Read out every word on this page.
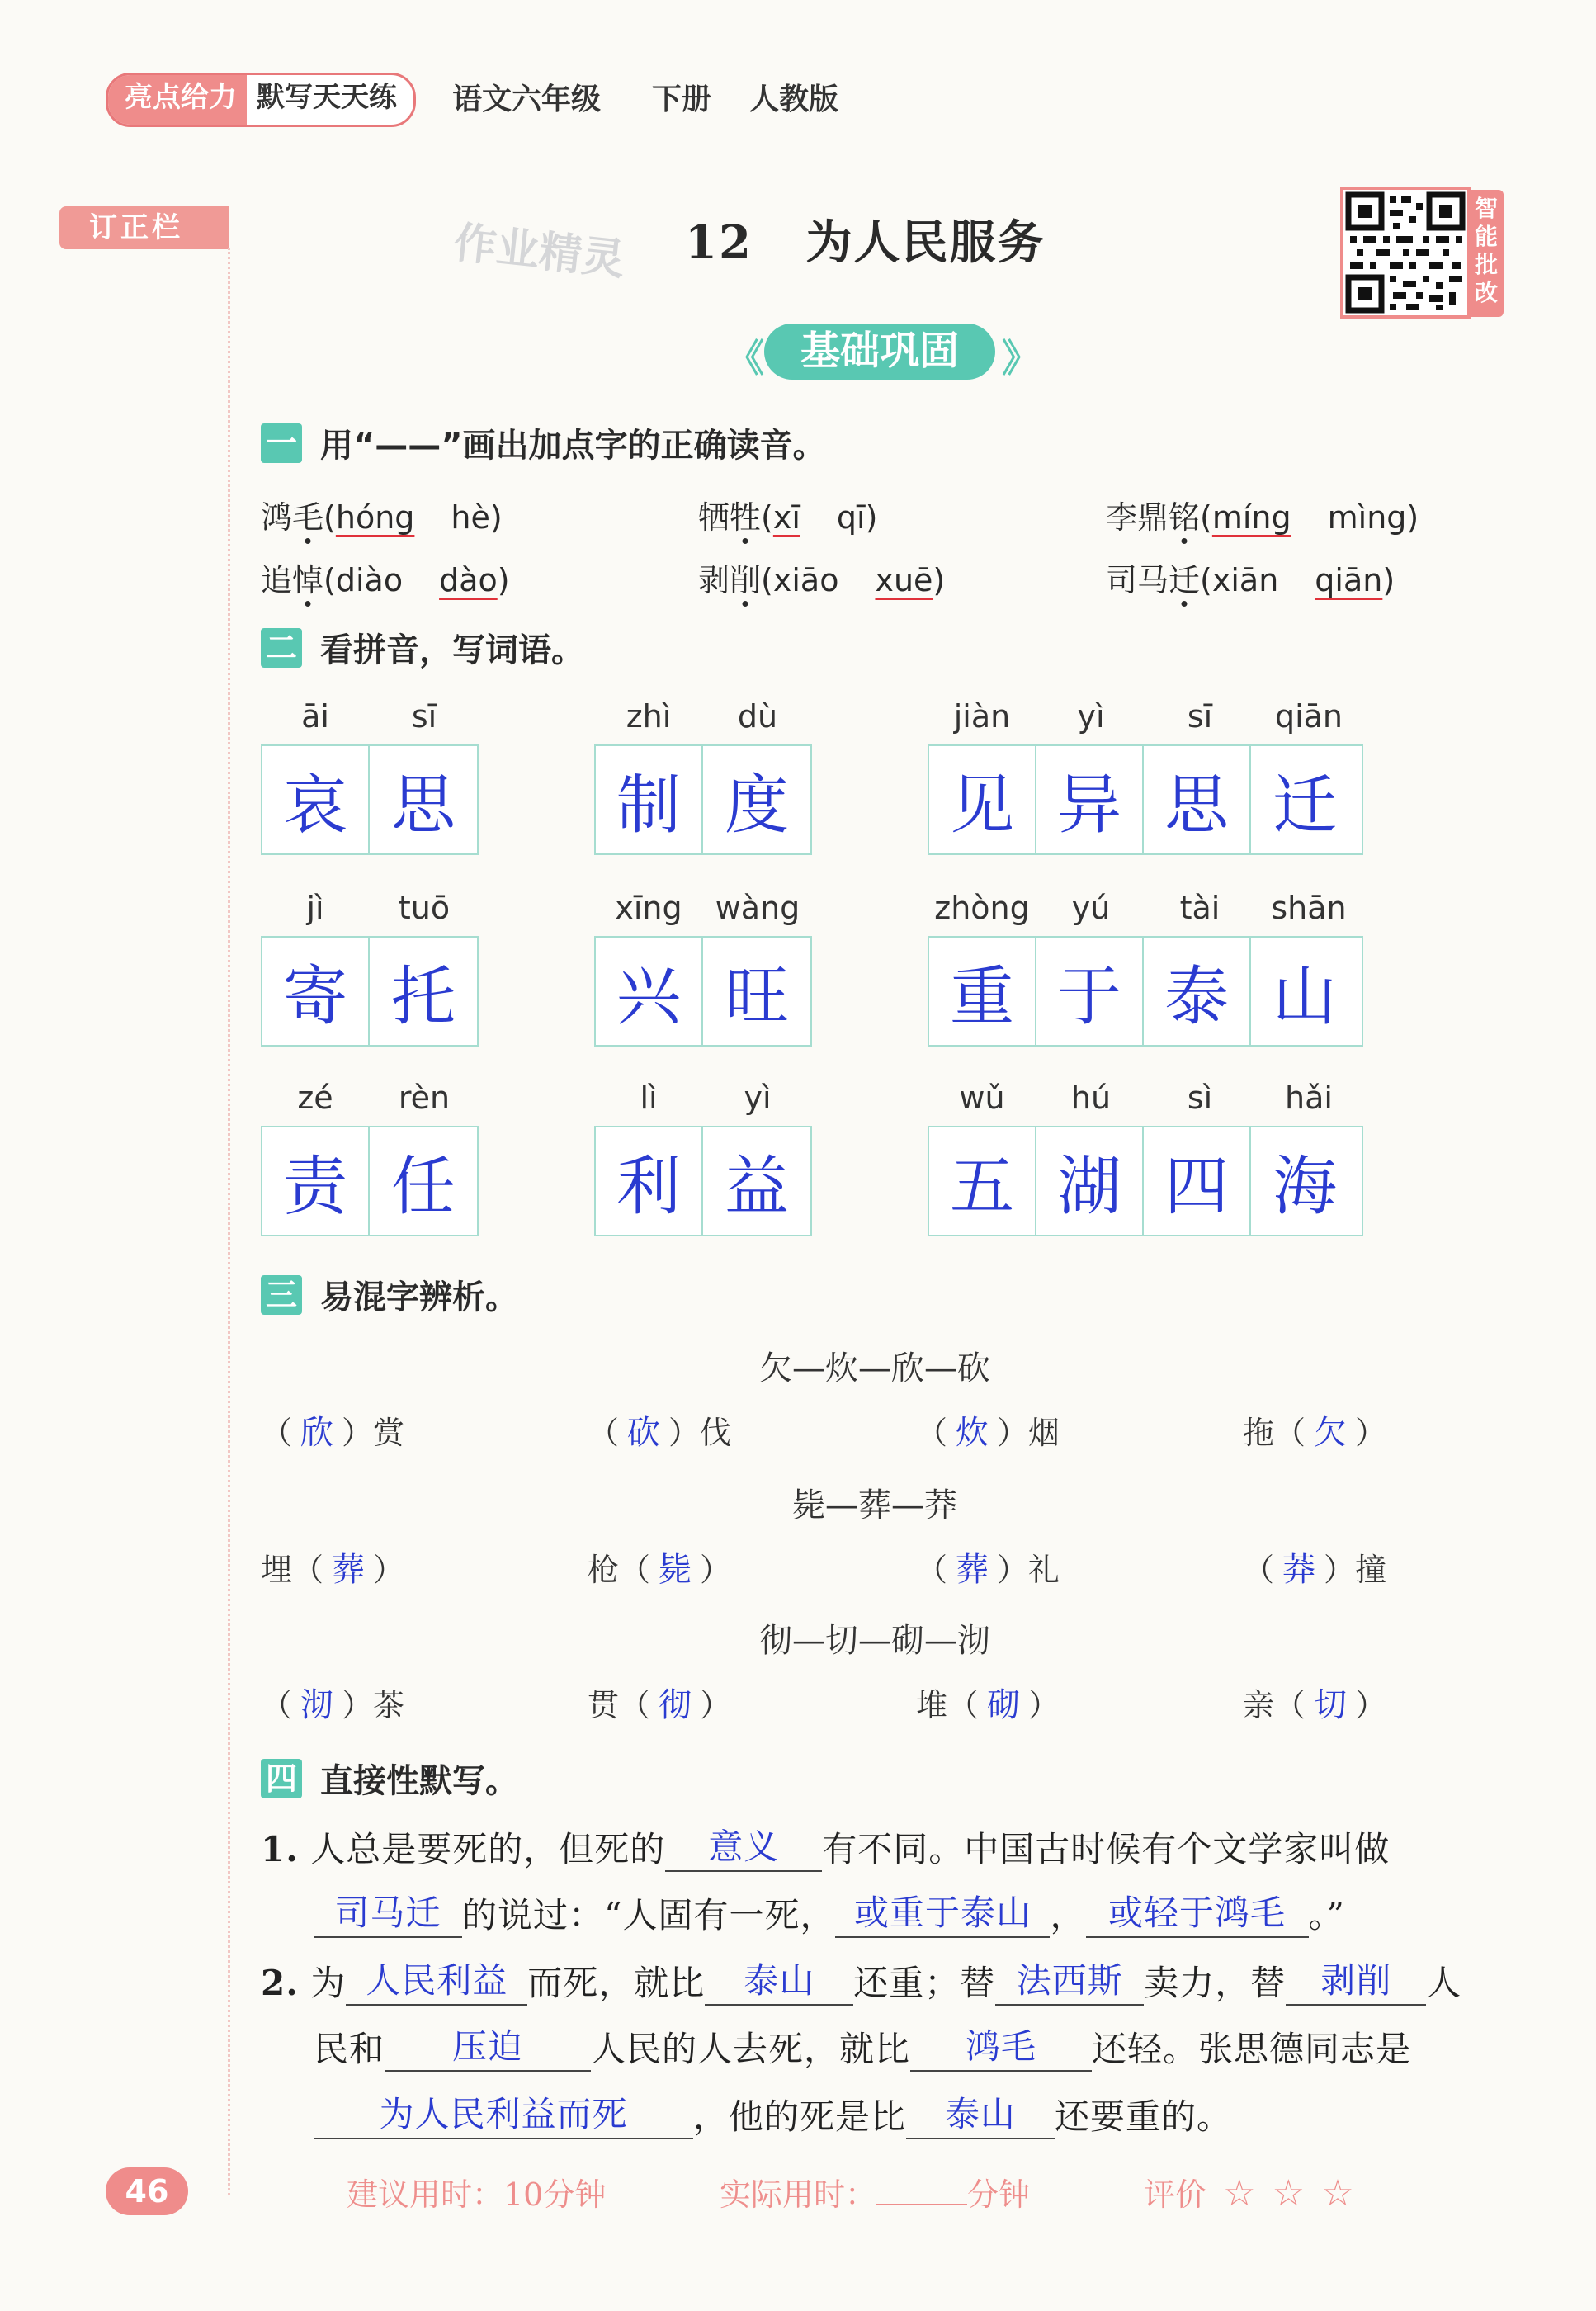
亮点给力 默写天天练	语文六年级 下册 人教版
订正栏	作业精灵 12 为人民服务
智能批改
《 基础巩固	》
一 用“——”画出加点字的正确读音。
鸿毛(hóng hè)	牺牲(xī qī)	李鼎铭(míng mìng)
追悼(diào dào)	剥削(xiāo xuē)	司马迁(xiān qiān)
二 看拼音，写词语。
āi	sī
哀 思
zhì	dù
制 度
jiàn	yì	sī	qiān
见 异 思 迁
jì	tuō
寄 托
xīng	wàng
兴 旺
zhòng	yú	tài	shān
重 于 泰 山
zé	rèn
责 任
lì	yì
利 益
wǔ	hú	sì	hǎi
五 湖 四 海
三 易混字辨析。
欠—炊—欣—砍
（ 欣 ）赏	（ 砍 ）伐	（ 炊 ）烟	拖（ 欠 ）
毙—葬—莽
埋（ 葬 ）	枪（ 毙 ）	（ 葬 ）礼	（ 莽 ）撞
彻—切—砌—沏
（ 沏 ）茶	贯（ 彻 ）	堆（ 砌 ）	亲（ 切 ）
四 直接性默写。
1. 人总是要死的，但死的 意义 有不同。中国古时候有个文学家叫做
司马迁 的说过：“人固有一死， 或重于泰山 ， 或轻于鸿毛 。”
2. 为 人民利益 而死，就比 泰山 还重；替 法西斯 卖力，替 剥削 人
民和 压迫 人民的人去死，就比 鸿毛 还轻。张思德同志是
为人民利益而死 ，他的死是比 泰山 还要重的。
46	建议用时：10分钟	实际用时：	分钟	评价 ☆ ☆ ☆
